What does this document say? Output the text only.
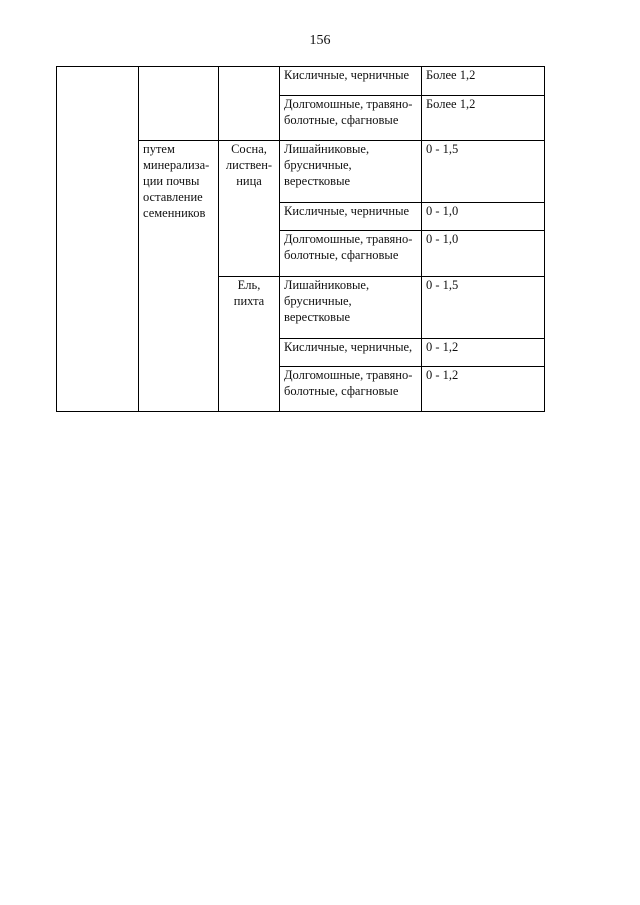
156
			Кисличные, черничные	Более 1,2
			Долгомошные, травяно-
болотные, сфагновые	Более 1,2
	путем
минерализа-
ции почвы
оставление
семенников	Сосна,
листвен-
ница	Лишайниковые,
брусничные,
верестковые	0 - 1,5
			Кисличные, черничные	0 - 1,0
			Долгомошные, травяно-
болотные, сфагновые	0 - 1,0
		Ель,
пихта	Лишайниковые,
брусничные,
верестковые	0 - 1,5
			Кисличные, черничные,	0 - 1,2
			Долгомошные, травяно-
болотные, сфагновые	0 - 1,2
